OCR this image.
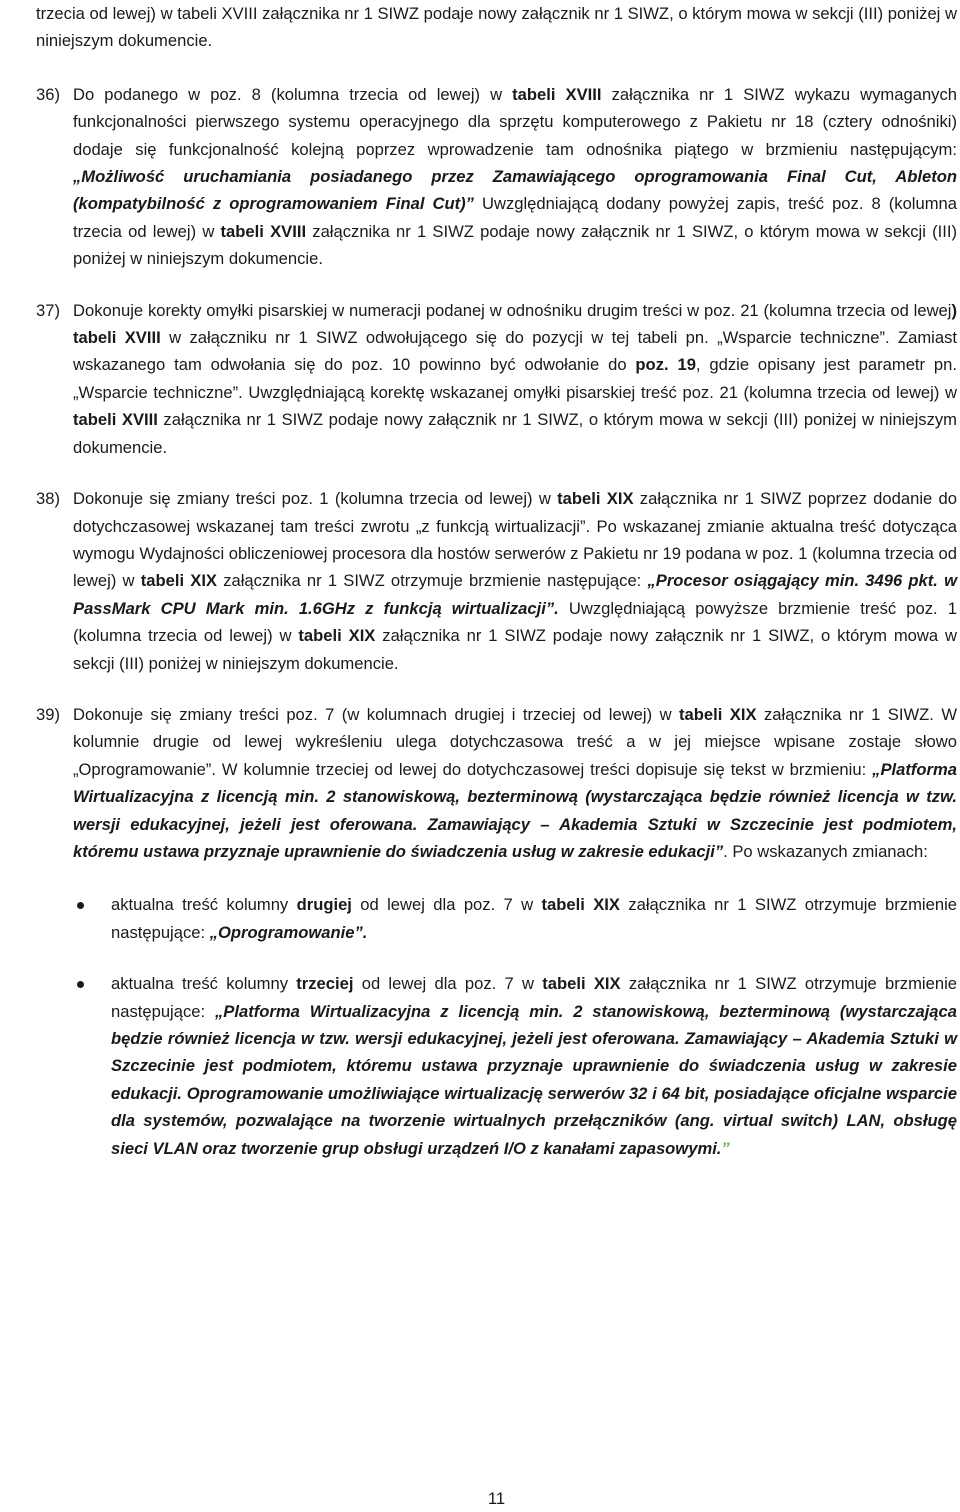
trzecia od lewej) w tabeli XVIII załącznika nr 1 SIWZ podaje nowy załącznik nr 1 SIWZ, o którym mowa w sekcji (III) poniżej w niniejszym dokumencie.

36) Do podanego w poz. 8 (kolumna trzecia od lewej) w tabeli XVIII załącznika nr 1 SIWZ wykazu wymaganych funkcjonalności pierwszego systemu operacyjnego dla sprzętu komputerowego z Pakietu nr 18 (cztery odnośniki) dodaje się funkcjonalność kolejną poprzez wprowadzenie tam odnośnika piątego w brzmieniu następującym: „Możliwość uruchamiania posiadanego przez Zamawiającego oprogramowania Final Cut, Ableton (kompatybilność z oprogramowaniem Final Cut)” Uwzględniającą dodany powyżej zapis, treść poz. 8 (kolumna trzecia od lewej) w tabeli XVIII załącznika nr 1 SIWZ podaje nowy załącznik nr 1 SIWZ, o którym mowa w sekcji (III) poniżej w niniejszym dokumencie.
37) Dokonuje korekty omyłki pisarskiej w numeracji podanej w odnośniku drugim treści w poz. 21 (kolumna trzecia od lewej) tabeli XVIII w załączniku nr 1 SIWZ odwołującego się do pozycji w tej tabeli pn. „Wsparcie techniczne”. Zamiast wskazanego tam odwołania się do poz. 10 powinno być odwołanie do poz. 19, gdzie opisany jest parametr pn. „Wsparcie techniczne”. Uwzględniającą korektę wskazanej omyłki pisarskiej treść poz. 21 (kolumna trzecia od lewej) w tabeli XVIII załącznika nr 1 SIWZ podaje nowy załącznik nr 1 SIWZ, o którym mowa w sekcji (III) poniżej w niniejszym dokumencie.
38) Dokonuje się zmiany treści poz. 1 (kolumna trzecia od lewej) w tabeli XIX załącznika nr 1 SIWZ poprzez dodanie do dotychczasowej wskazanej tam treści zwrotu „z funkcją wirtualizacji”. Po wskazanej zmianie aktualna treść dotycząca wymogu Wydajności obliczeniowej procesora dla hostów serwerów z Pakietu nr 19 podana w poz. 1 (kolumna trzecia od lewej) w tabeli XIX załącznika nr 1 SIWZ otrzymuje brzmienie następujące: „Procesor osiągający min. 3496 pkt. w PassMark CPU Mark min. 1.6GHz z funkcją wirtualizacji”. Uwzględniającą powyższe brzmienie treść poz. 1 (kolumna trzecia od lewej) w tabeli XIX załącznika nr 1 SIWZ podaje nowy załącznik nr 1 SIWZ, o którym mowa w sekcji (III) poniżej w niniejszym dokumencie.
39) Dokonuje się zmiany treści poz. 7 (w kolumnach drugiej i trzeciej od lewej) w tabeli XIX załącznika nr 1 SIWZ. W kolumnie drugie od lewej wykreśleniu ulega dotychczasowa treść a w jej miejsce wpisane zostaje słowo „Oprogramowanie”. W kolumnie trzeciej od lewej do dotychczasowej treści dopisuje się tekst w brzmieniu: „Platforma Wirtualizacyjna z licencją min. 2 stanowiskową, bezterminową (wystarczająca będzie również licencja w tzw. wersji edukacyjnej, jeżeli jest oferowana. Zamawiający – Akademia Sztuki w Szczecinie jest podmiotem, któremu ustawa przyznaje uprawnienie do świadczenia usług w zakresie edukacji”. Po wskazanych zmianach:
aktualna treść kolumny drugiej od lewej dla poz. 7 w tabeli XIX załącznika nr 1 SIWZ otrzymuje brzmienie następujące: „Oprogramowanie”.
aktualna treść kolumny trzeciej od lewej dla poz. 7 w tabeli XIX załącznika nr 1 SIWZ otrzymuje brzmienie następujące: „Platforma Wirtualizacyjna z licencją min. 2 stanowiskową, bezterminową (wystarczająca będzie również licencja w tzw. wersji edukacyjnej, jeżeli jest oferowana. Zamawiający – Akademia Sztuki w Szczecinie jest podmiotem, któremu ustawa przyznaje uprawnienie do świadczenia usług w zakresie edukacji. Oprogramowanie umożliwiające wirtualizację serwerów 32 i 64 bit, posiadające oficjalne wsparcie dla systemów, pozwalające na tworzenie wirtualnych przełączników (ang. virtual switch) LAN, obsługę sieci VLAN oraz tworzenie grup obsługi urządzeń I/O z kanałami zapasowymi.”
11
